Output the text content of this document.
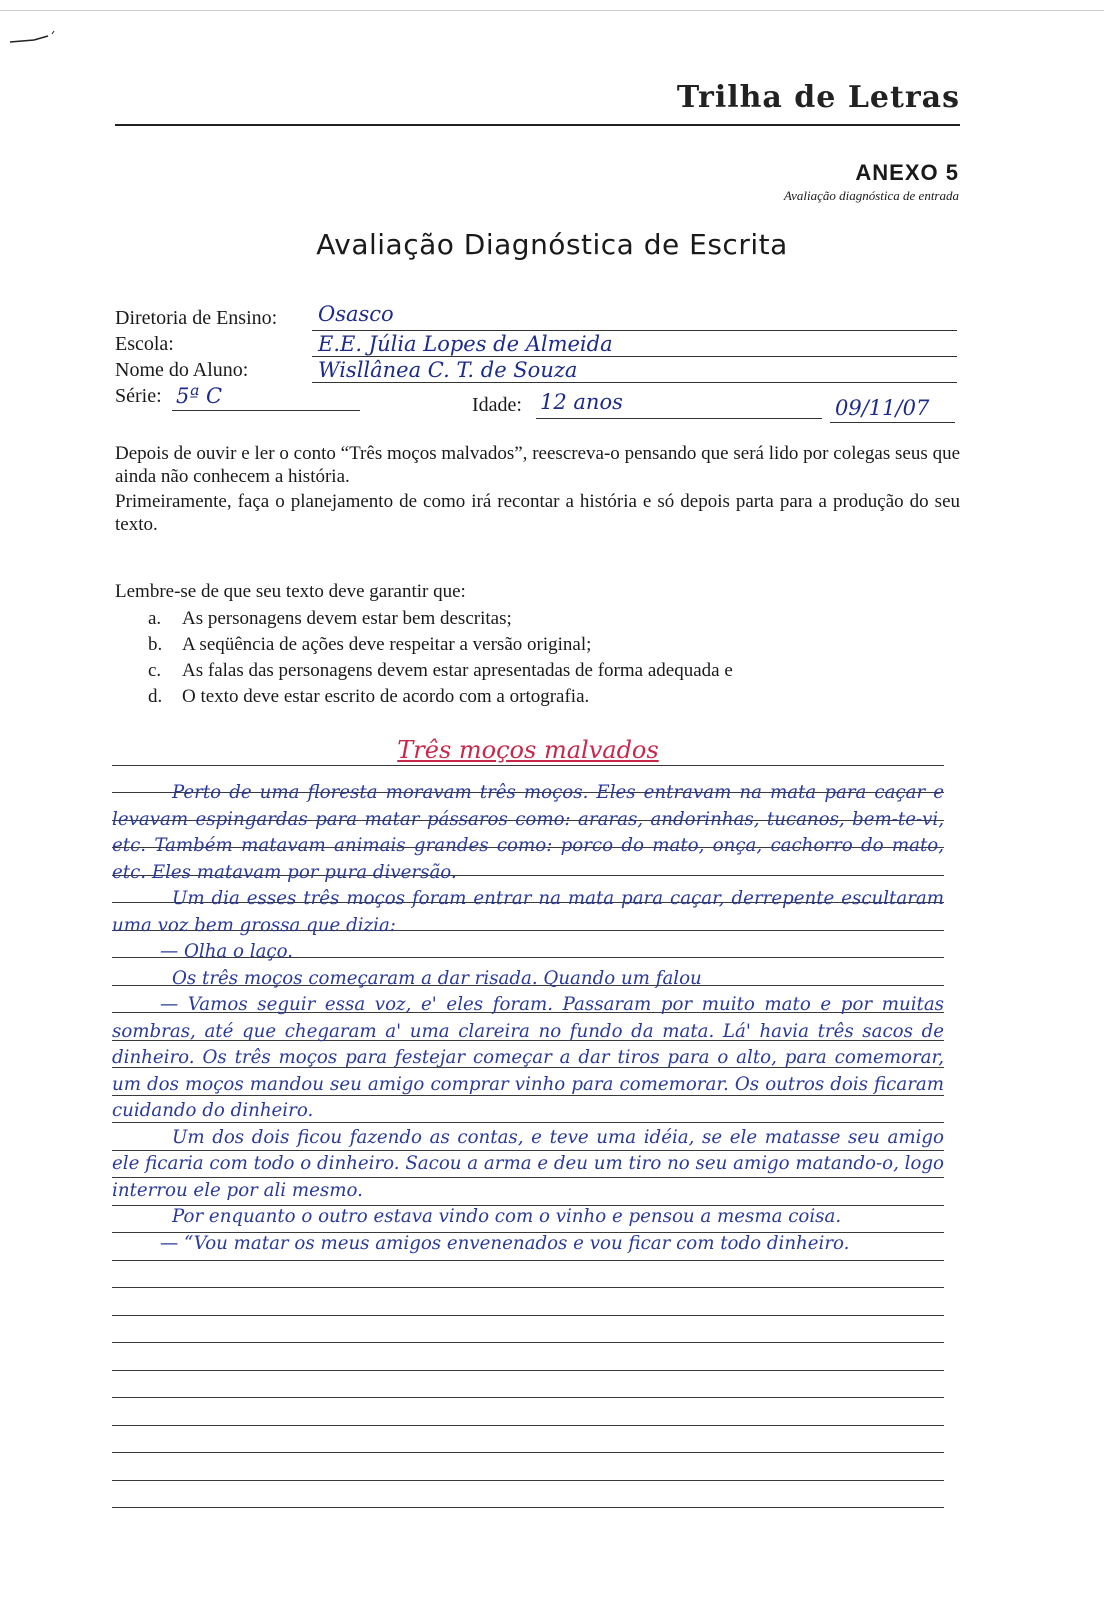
Trilha de Letras
ANEXO 5
Avaliação diagnóstica de entrada
Avaliação Diagnóstica de Escrita
Diretoria de Ensino: Osasco
Escola:	E.E. Júlia Lopes de Almeida
Nome do Aluno:	Wisllânea C. T. de Souza
Série: 5ª C	Idade: 12 anos	09/11/07
Depois de ouvir e ler o conto “Três moços malvados”, reescreva-o pensando que será lido por colegas seus que ainda não conhecem a história.
Primeiramente, faça o planejamento de como irá recontar a história e só depois parta para a produção do seu texto.
Lembre-se de que seu texto deve garantir que:
a. As personagens devem estar bem descritas;
b. A seqüência de ações deve respeitar a versão original;
c. As falas das personagens devem estar apresentadas de forma adequada e
d. O texto deve estar escrito de acordo com a ortografia.
Três moços malvados

Perto de uma floresta moravam três moços. Eles entravam na mata para caçar e levavam espingardas para matar pássaros como: araras, andorinhas, tucanos, bem-te-vi, etc. Também matavam animais grandes como: porco do mato, onça, cachorro do mato, etc. Eles matavam por pura diversão.

Um dia esses três moços foram entrar na mata para caçar, derrepente escultaram uma voz bem grossa que dizia:

— Olha o laço.

Os três moços começaram a dar risada. Quando um falou

— Vamos seguir essa voz, e' eles foram. Passaram por muito mato e por muitas sombras, até que chegaram a' uma clareira no fundo da mata. Lá' havia três sacos de dinheiro. Os três moços para festejar começar a dar tiros para o alto, para comemorar, um dos moços mandou seu amigo comprar vinho para comemorar. Os outros dois ficaram cuidando do dinheiro.

Um dos dois ficou fazendo as contas, e teve uma idéia, se ele matasse seu amigo ele ficaria com todo o dinheiro. Sacou a arma e deu um tiro no seu amigo matando-o, logo interrou ele por ali mesmo.

Por enquanto o outro estava vindo com o vinho e pensou a mesma coisa.

— “Vou matar os meus amigos envenenados e vou ficar com todo dinheiro.
